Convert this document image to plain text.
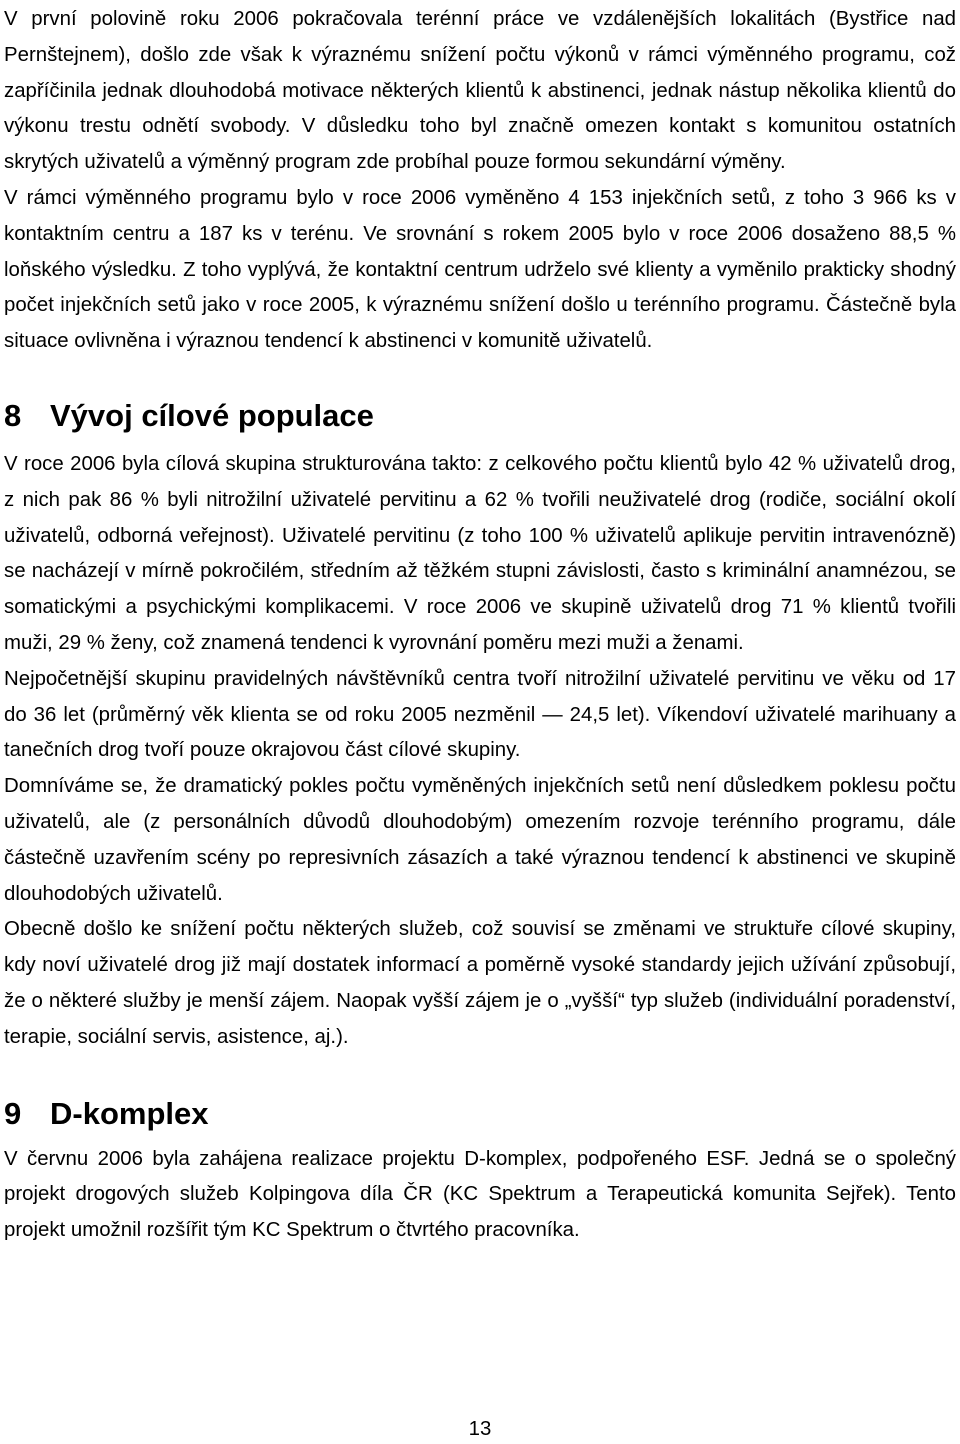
V první polovině roku 2006 pokračovala terénní práce ve vzdálenějších lokalitách (Bystřice nad Pernštejnem), došlo zde však k výraznému snížení počtu výkonů v rámci výměnného programu, což zapříčinila jednak dlouhodobá motivace některých klientů k abstinenci, jednak nástup několika klientů do výkonu trestu odnětí svobody. V důsledku toho byl značně omezen kontakt s komunitou ostatních skrytých uživatelů a výměnný program zde probíhal pouze formou sekundární výměny.

V rámci výměnného programu bylo v roce 2006 vyměněno 4 153 injekčních setů, z toho 3 966 ks v kontaktním centru a 187 ks v terénu. Ve srovnání s rokem 2005 bylo v roce 2006 dosaženo 88,5 % loňského výsledku. Z toho vyplývá, že kontaktní centrum udrželo své klienty a vyměnilo prakticky shodný počet injekčních setů jako v roce 2005, k výraznému snížení došlo u terénního programu. Částečně byla situace ovlivněna i výraznou tendencí k abstinenci v komunitě uživatelů.

8 Vývoj cílové populace

V roce 2006 byla cílová skupina strukturována takto: z celkového počtu klientů bylo 42 % uživatelů drog, z nich pak 86 % byli nitrožilní uživatelé pervitinu a 62 % tvořili neuživatelé drog (rodiče, sociální okolí uživatelů, odborná veřejnost). Uživatelé pervitinu (z toho 100 % uživatelů aplikuje pervitin intravenózně) se nacházejí v mírně pokročilém, středním až těžkém stupni závislosti, často s kriminální anamnézou, se somatickými a psychickými komplikacemi. V roce 2006 ve skupině uživatelů drog 71 % klientů tvořili muži, 29 % ženy, což znamená tendenci k vyrovnání poměru mezi muži a ženami.

Nejpočetnější skupinu pravidelných návštěvníků centra tvoří nitrožilní uživatelé pervitinu ve věku od 17 do 36 let (průměrný věk klienta se od roku 2005 nezměnil — 24,5 let). Víkendoví uživatelé marihuany a tanečních drog tvoří pouze okrajovou část cílové skupiny.

Domníváme se, že dramatický pokles počtu vyměněných injekčních setů není důsledkem poklesu počtu uživatelů, ale (z personálních důvodů dlouhodobým) omezením rozvoje terénního programu, dále částečně uzavřením scény po represivních zásazích a také výraznou tendencí k abstinenci ve skupině dlouhodobých uživatelů.

Obecně došlo ke snížení počtu některých služeb, což souvisí se změnami ve struktuře cílové skupiny, kdy noví uživatelé drog již mají dostatek informací a poměrně vysoké standardy jejich užívání způsobují, že o některé služby je menší zájem. Naopak vyšší zájem je o „vyšší“ typ služeb (individuální poradenství, terapie, sociální servis, asistence, aj.).

9 D-komplex

V červnu 2006 byla zahájena realizace projektu D-komplex, podpořeného ESF. Jedná se o společný projekt drogových služeb Kolpingova díla ČR (KC Spektrum a Terapeutická komunita Sejřek). Tento projekt umožnil rozšířit tým KC Spektrum o čtvrtého pracovníka.

13
